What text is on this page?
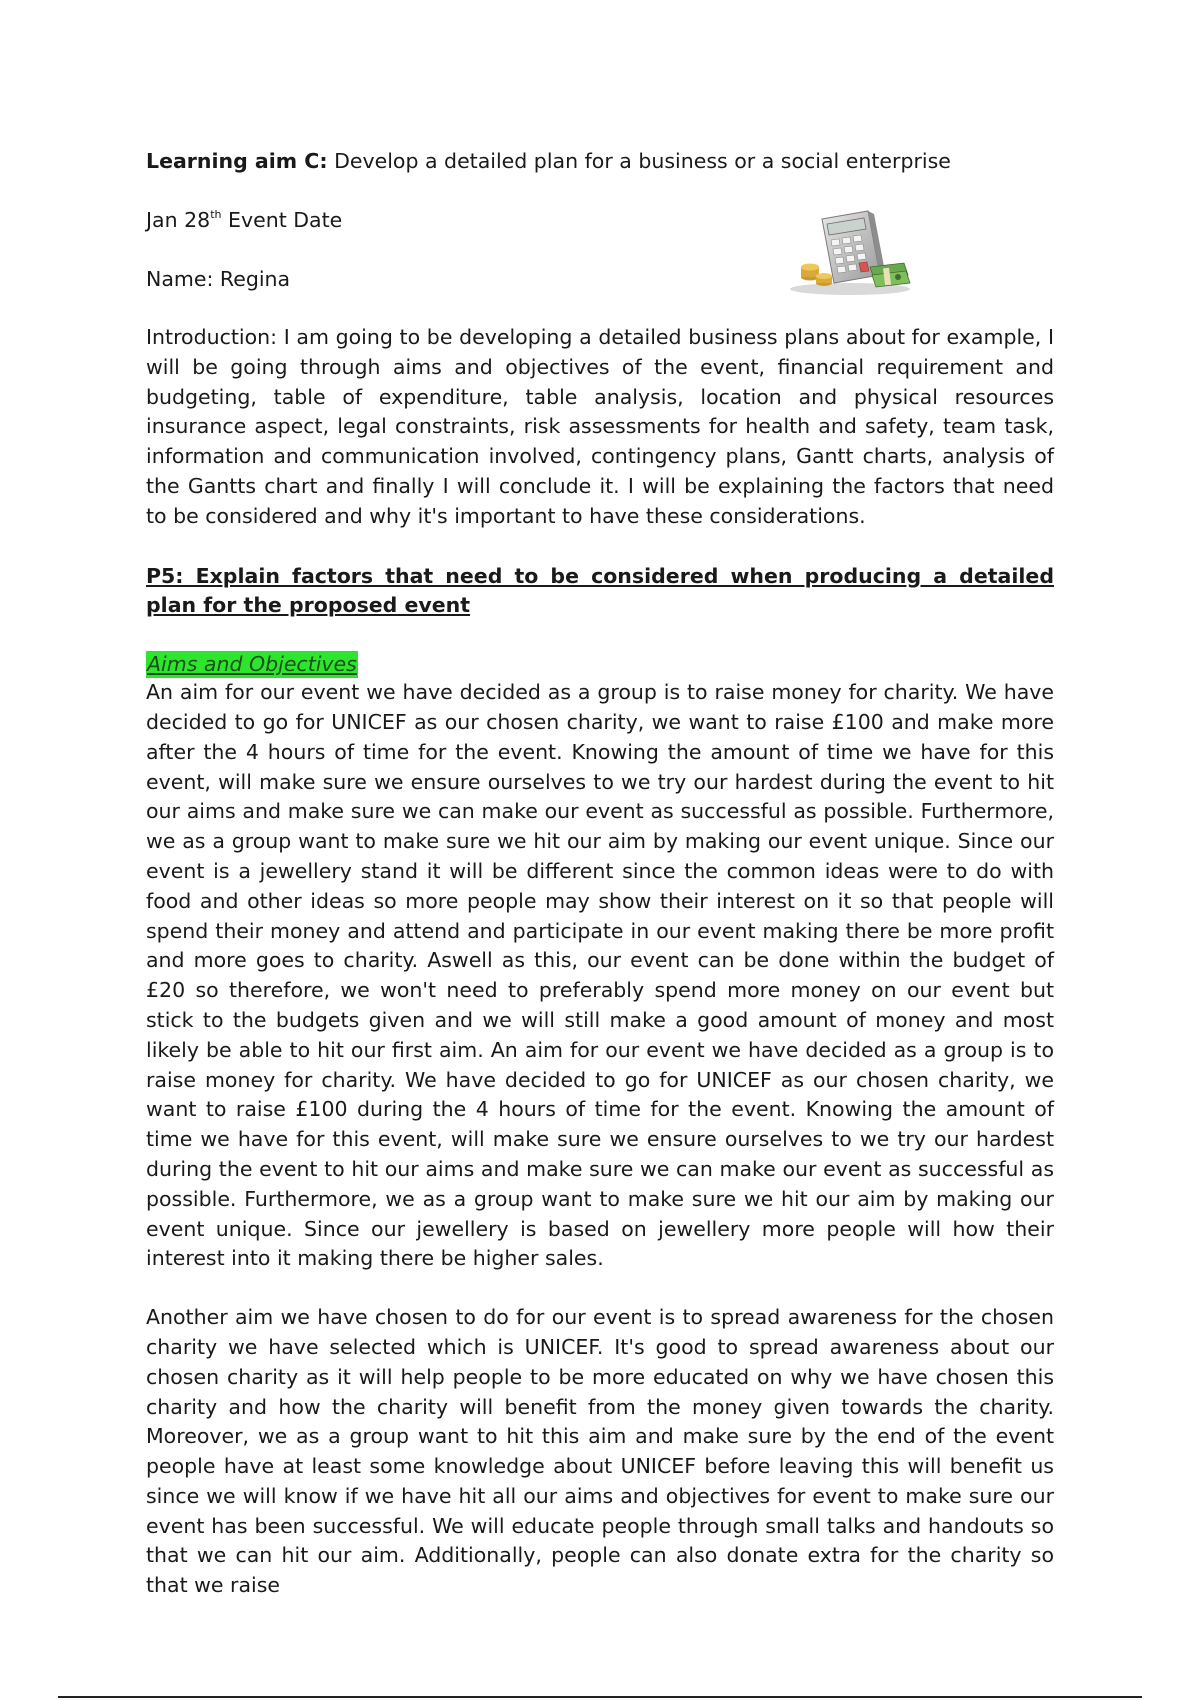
Learning aim C: Develop a detailed plan for a business or a social enterprise
Jan 28th Event Date
Name: Regina

Introduction: I am going to be developing a detailed business plans about for example, I will be going through aims and objectives of the event, financial requirement and budgeting, table of expenditure, table analysis, location and physical resources insurance aspect, legal constraints, risk assessments for health and safety, team task, information and communication involved, contingency plans, Gantt charts, analysis of the Gantts chart and finally I will conclude it. I will be explaining the factors that need to be considered and why it's important to have these considerations.

P5: Explain factors that need to be considered when producing a detailed plan for the proposed event

Aims and Objectives

An aim for our event we have decided as a group is to raise money for charity. We have decided to go for UNICEF as our chosen charity, we want to raise £100 and make more after the 4 hours of time for the event. Knowing the amount of time we have for this event, will make sure we ensure ourselves to we try our hardest during the event to hit our aims and make sure we can make our event as successful as possible. Furthermore, we as a group want to make sure we hit our aim by making our event unique. Since our event is a jewellery stand it will be different since the common ideas were to do with food and other ideas so more people may show their interest on it so that people will spend their money and attend and participate in our event making there be more profit and more goes to charity. Aswell as this, our event can be done within the budget of £20 so therefore, we won't need to preferably spend more money on our event but stick to the budgets given and we will still make a good amount of money and most likely be able to hit our first aim. An aim for our event we have decided as a group is to raise money for charity. We have decided to go for UNICEF as our chosen charity, we want to raise £100 during the 4 hours of time for the event. Knowing the amount of time we have for this event, will make sure we ensure ourselves to we try our hardest during the event to hit our aims and make sure we can make our event as successful as possible. Furthermore, we as a group want to make sure we hit our aim by making our event unique. Since our jewellery is based on jewellery more people will how their interest into it making there be higher sales.

Another aim we have chosen to do for our event is to spread awareness for the chosen charity we have selected which is UNICEF. It's good to spread awareness about our chosen charity as it will help people to be more educated on why we have chosen this charity and how the charity will benefit from the money given towards the charity. Moreover, we as a group want to hit this aim and make sure by the end of the event people have at least some knowledge about UNICEF before leaving this will benefit us since we will know if we have hit all our aims and objectives for event to make sure our event has been successful. We will educate people through small talks and handouts so that we can hit our aim. Additionally, people can also donate extra for the charity so that we raise
